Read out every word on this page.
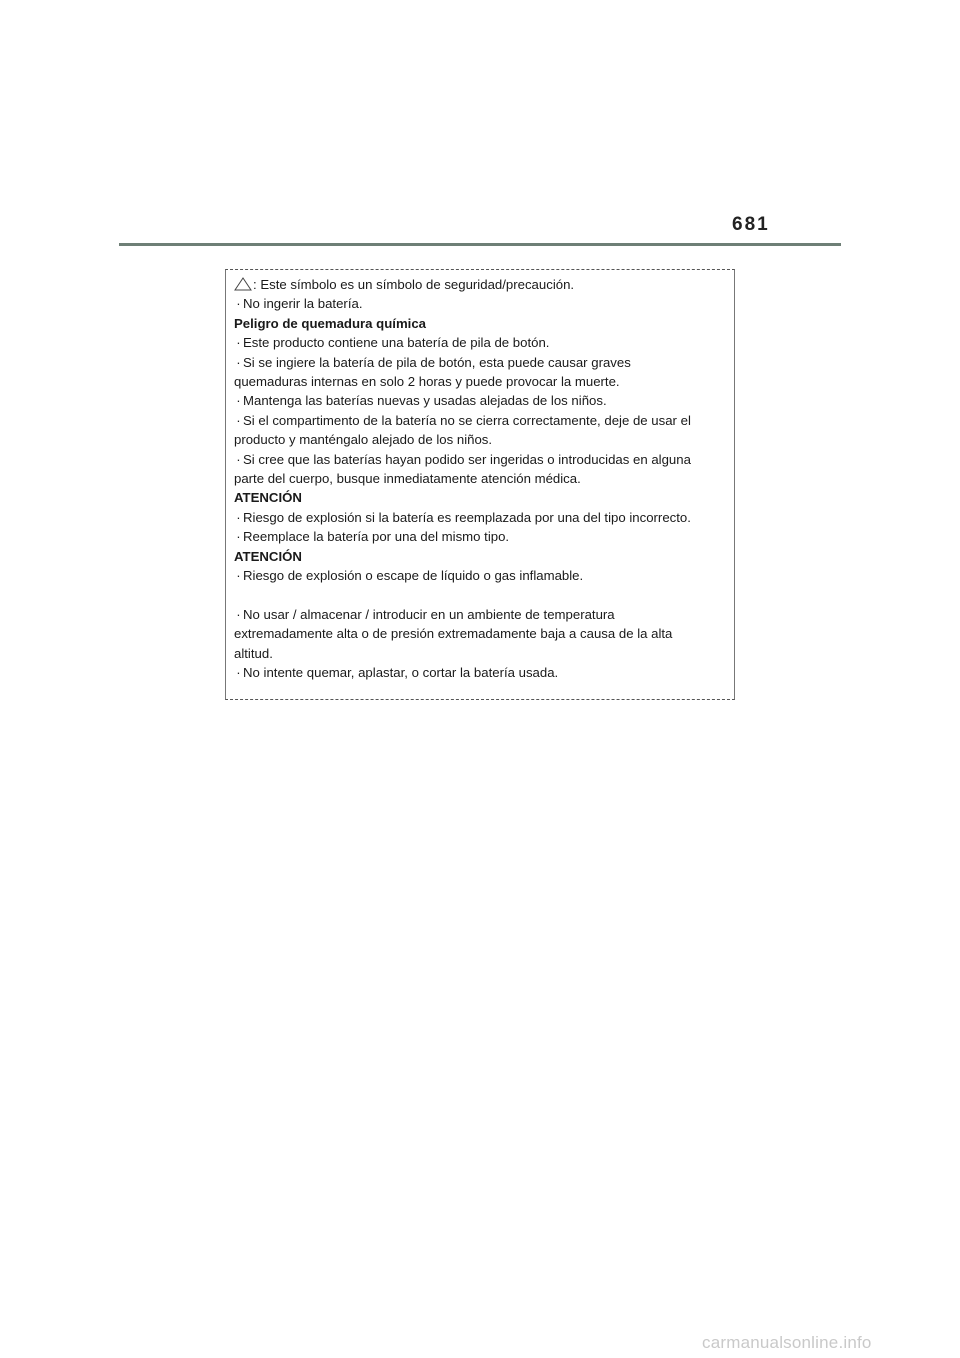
681
: Este símbolo es un símbolo de seguridad/precaución.
· No ingerir la batería.
Peligro de quemadura química
· Este producto contiene una batería de pila de botón.
· Si se ingiere la batería de pila de botón, esta puede causar graves
quemaduras internas en solo 2 horas y puede provocar la muerte.
· Mantenga las baterías nuevas y usadas alejadas de los niños.
· Si el compartimento de la batería no se cierra correctamente, deje de usar el
producto y manténgalo alejado de los niños.
· Si cree que las baterías hayan podido ser ingeridas o introducidas en alguna
parte del cuerpo, busque inmediatamente atención médica.
ATENCIÓN
· Riesgo de explosión si la batería es reemplazada por una del tipo incorrecto.
· Reemplace la batería por una del mismo tipo.
ATENCIÓN
· Riesgo de explosión o escape de líquido o gas inflamable.
· No usar / almacenar / introducir en un ambiente de temperatura
extremadamente alta o de presión extremadamente baja a causa de la alta
altitud.
· No intente quemar, aplastar, o cortar la batería usada.
carmanualsonline.info
